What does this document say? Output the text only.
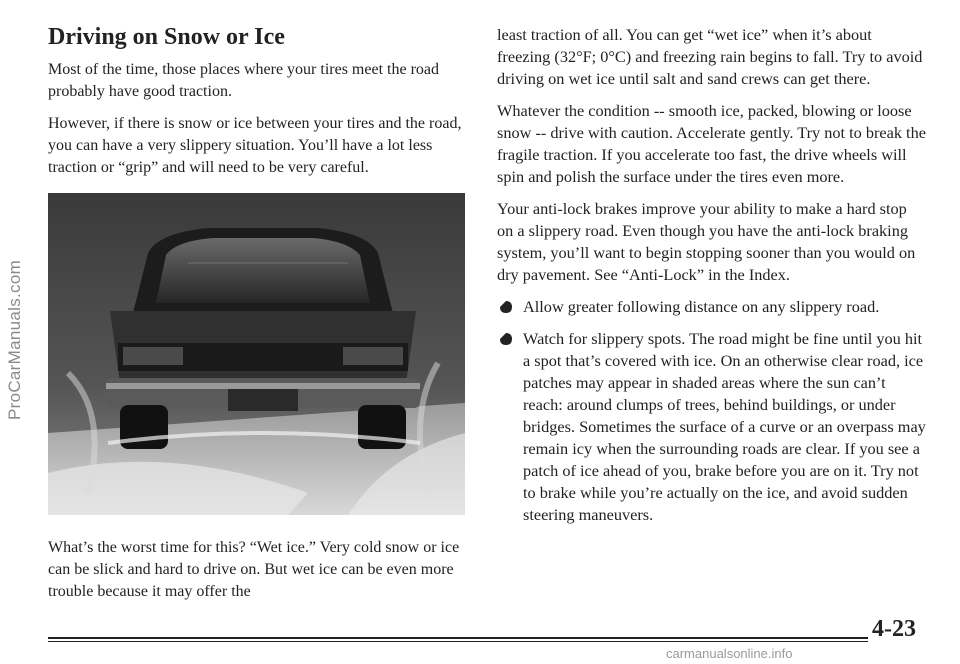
ProCarManuals.com
Driving on Snow or Ice

Most of the time, those places where your tires meet the road probably have good traction.

However, if there is snow or ice between your tires and the road, you can have a very slippery situation. You’ll have a lot less traction or “grip” and will need to be very careful.

What’s the worst time for this? “Wet ice.” Very cold snow or ice can be slick and hard to drive on. But wet ice can be even more trouble because it may offer the

least traction of all. You can get “wet ice” when it’s about freezing (32°F; 0°C) and freezing rain begins to fall. Try to avoid driving on wet ice until salt and sand crews can get there.

Whatever the condition -- smooth ice, packed, blowing or loose snow -- drive with caution. Accelerate gently. Try not to break the fragile traction. If you accelerate too fast, the drive wheels will spin and polish the surface under the tires even more.

Your anti-lock brakes improve your ability to make a hard stop on a slippery road. Even though you have the anti-lock braking system, you’ll want to begin stopping sooner than you would on dry pavement. See “Anti-Lock” in the Index.

Allow greater following distance on any slippery road.

Watch for slippery spots. The road might be fine until you hit a spot that’s covered with ice. On an otherwise clear road, ice patches may appear in shaded areas where the sun can’t reach: around clumps of trees, behind buildings, or under bridges. Sometimes the surface of a curve or an overpass may remain icy when the surrounding roads are clear. If you see a patch of ice ahead of you, brake before you are on it. Try not to brake while you’re actually on the ice, and avoid sudden steering maneuvers.

4-23
carmanualsonline.info
